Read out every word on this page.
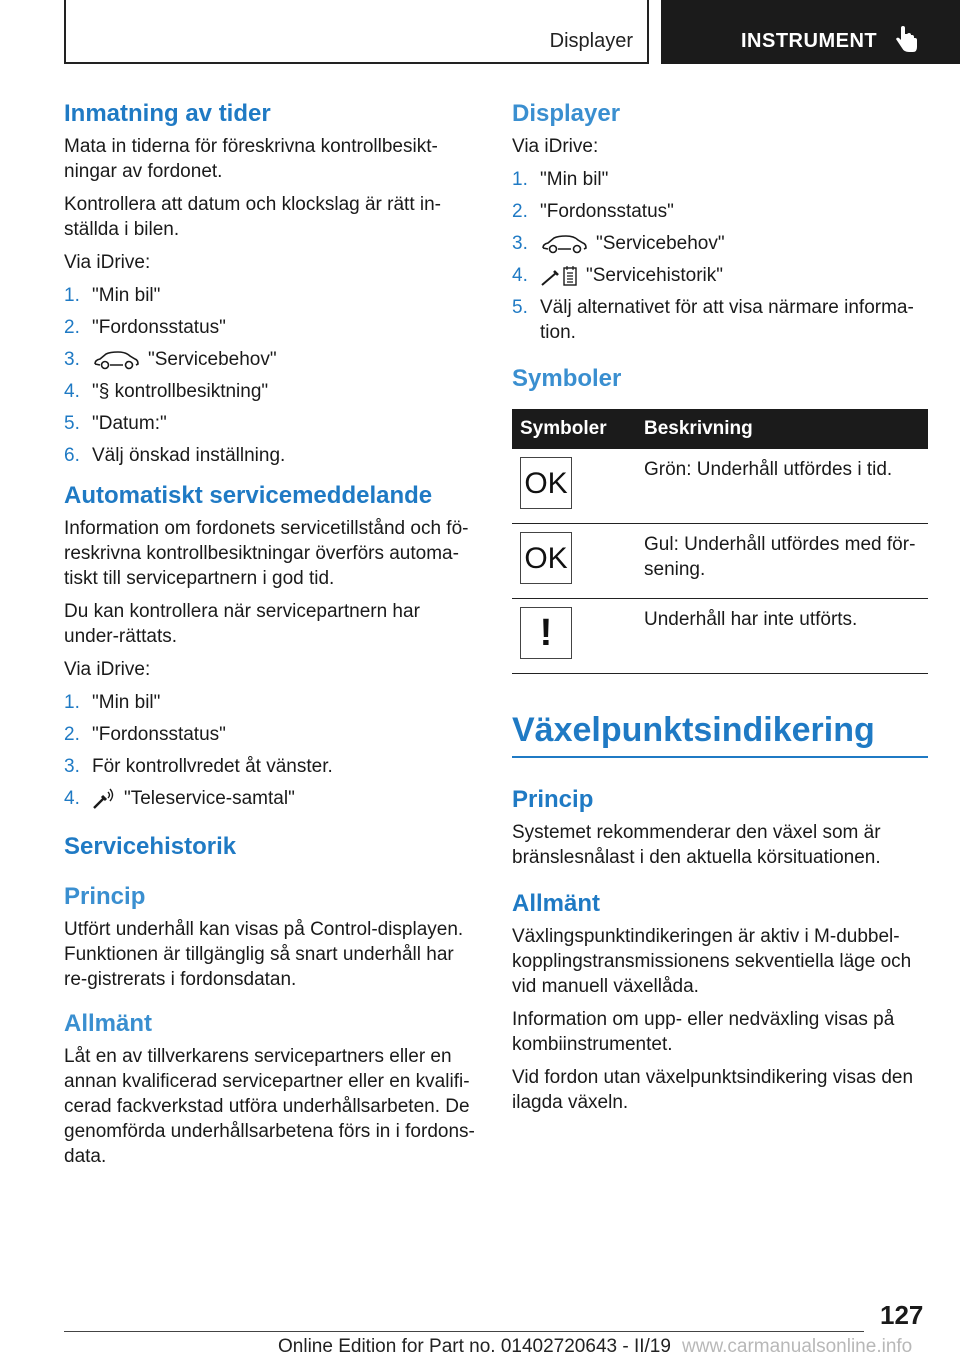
Displayer	INSTRUMENT
Inmatning av tider

Mata in tiderna för föreskrivna kontrollbesikt-ningar av fordonet.

Kontrollera att datum och klockslag är rätt in-ställda i bilen.

Via iDrive:

1. "Min bil"
2. "Fordonsstatus"
3.	"Servicebehov"
4. "§ kontrollbesiktning"
5. "Datum:"
6. Välj önskad inställning.
Automatiskt servicemeddelande

Information om fordonets servicetillstånd och fö-reskrivna kontrollbesiktningar överförs automa-tiskt till servicepartnern i god tid.

Du kan kontrollera när servicepartnern har under-rättats.

Via iDrive:

1. "Min bil"
2. "Fordonsstatus"
3. För kontrollvredet åt vänster.
4. "Teleservice-samtal"
Servicehistorik
Princip

Utfört underhåll kan visas på Control-displayen. Funktionen är tillgänglig så snart underhåll har re-gistrerats i fordonsdatan.

Allmänt

Låt en av tillverkarens servicepartners eller en annan kvalificerad servicepartner eller en kvalifi-cerad fackverkstad utföra underhållsarbeten. De genomförda underhållsarbetena förs in i fordons-data.

Displayer

Via iDrive:

1. "Min bil"
2. "Fordonsstatus"
3.	"Servicebehov"
4.	"Servicehistorik"
5. Välj alternativet för att visa närmare informa-tion.
Symboler
Symboler	Beskrivning

OK	Grön: Underhåll utfördes i tid.

OK	Gul: Underhåll utfördes med för-sening.

!	Underhåll har inte utförts.
Växelpunktsindikering
Princip

Systemet rekommenderar den växel som är bränslesnålast i den aktuella körsituationen.

Allmänt

Växlingspunktindikeringen är aktiv i M-dubbel-kopplingstransmissionens sekventiella läge och vid manuell växellåda.

Information om upp- eller nedväxling visas på kombiinstrumentet.

Vid fordon utan växelpunktsindikering visas den ilagda växeln.

127
Online Edition for Part no. 01402720643 - II/19 www.carmanualsonline.info
